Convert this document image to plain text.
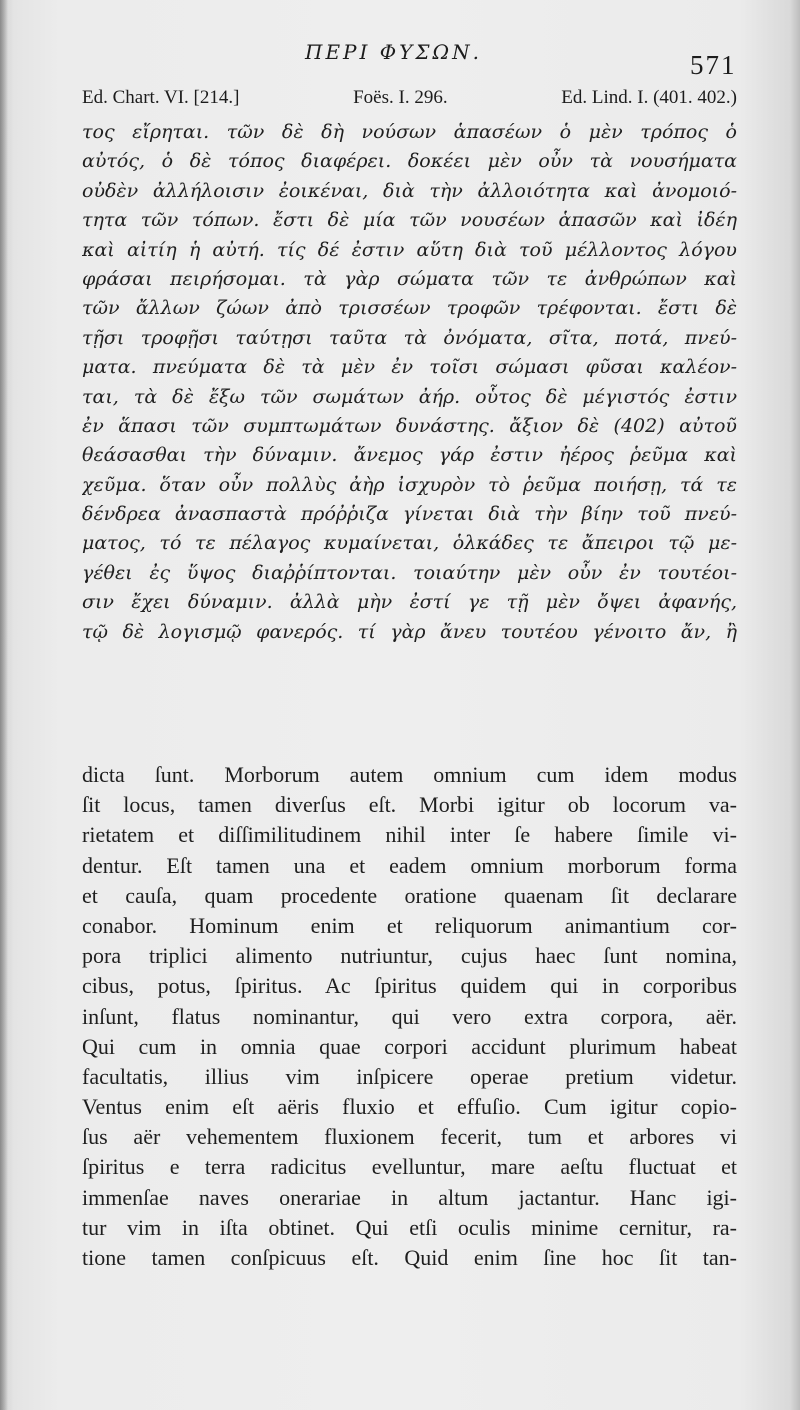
ΠΕΡΙ ΦΥΣΩΝ.	571
Ed. Chart. VI. [214.]	Foës. I. 296.	Ed. Lind. I. (401. 402.)
τος εἴρηται. τῶν δὲ δὴ νούσων ἁπασέων ὁ μὲν τρόπος ὁ
αὐτός, ὁ δὲ τόπος διαφέρει. δοκέει μὲν οὖν τὰ νουσήματα
οὐδὲν ἀλλήλοισιν ἐοικέναι, διὰ τὴν ἀλλοιότητα καὶ ἀνομοιό-
τητα τῶν τόπων. ἔστι δὲ μία τῶν νουσέων ἁπασῶν καὶ ἰδέη
καὶ αἰτίη ἡ αὐτή. τίς δέ ἐστιν αὕτη διὰ τοῦ μέλλοντος λόγου
φράσαι πειρήσομαι. τὰ γὰρ σώματα τῶν τε ἀνθρώπων καὶ
τῶν ἄλλων ζώων ἀπὸ τρισσέων τροφῶν τρέφονται. ἔστι δὲ
τῇσι τροφῇσι ταύτῃσι ταῦτα τὰ ὀνόματα, σῖτα, ποτά, πνεύ-
ματα. πνεύματα δὲ τὰ μὲν ἐν τοῖσι σώμασι φῦσαι καλέον-
ται, τὰ δὲ ἔξω τῶν σωμάτων ἀήρ. οὗτος δὲ μέγιστός ἐστιν
ἐν ἅπασι τῶν συμπτωμάτων δυνάστης. ἄξιον δὲ (402) αὐτοῦ
θεάσασθαι τὴν δύναμιν. ἄνεμος γάρ ἐστιν ἠέρος ῥεῦμα καὶ
χεῦμα. ὅταν οὖν πολλὺς ἀὴρ ἰσχυρὸν τὸ ῥεῦμα ποιήσῃ, τά τε
δένδρεα ἀνασπαστὰ πρόῤῥιζα γίνεται διὰ τὴν βίην τοῦ πνεύ-
ματος, τό τε πέλαγος κυμαίνεται, ὁλκάδες τε ἄπειροι τῷ με-
γέθει ἐς ὕψος διαῤῥίπτονται. τοιαύτην μὲν οὖν ἐν τουτέοι-
σιν ἔχει δύναμιν. ἀλλὰ μὴν ἐστί γε τῇ μὲν ὄψει ἀφανής,
τῷ δὲ λογισμῷ φανερός. τί γὰρ ἄνευ τουτέου γένοιτο ἄν, ἢ
dicta ſunt. Morborum autem omnium cum idem modus
ſit locus, tamen diverſus eſt. Morbi igitur ob locorum va-
rietatem et diſſimilitudinem nihil inter ſe habere ſimile vi-
dentur. Eſt tamen una et eadem omnium morborum forma
et cauſa, quam procedente oratione quaenam ſit declarare
conabor. Hominum enim et reliquorum animantium cor-
pora triplici alimento nutriuntur, cujus haec ſunt nomina,
cibus, potus, ſpiritus. Ac ſpiritus quidem qui in corporibus
inſunt, flatus nominantur, qui vero extra corpora, aër.
Qui cum in omnia quae corpori accidunt plurimum habeat
facultatis, illius vim inſpicere operae pretium videtur.
Ventus enim eſt aëris fluxio et effuſio. Cum igitur copio-
ſus aër vehementem fluxionem fecerit, tum et arbores vi
ſpiritus e terra radicitus evelluntur, mare aeſtu fluctuat et
immenſae naves onerariae in altum jactantur. Hanc igi-
tur vim in iſta obtinet. Qui etſi oculis minime cernitur, ra-
tione tamen conſpicuus eſt. Quid enim ſine hoc ſit tan-
